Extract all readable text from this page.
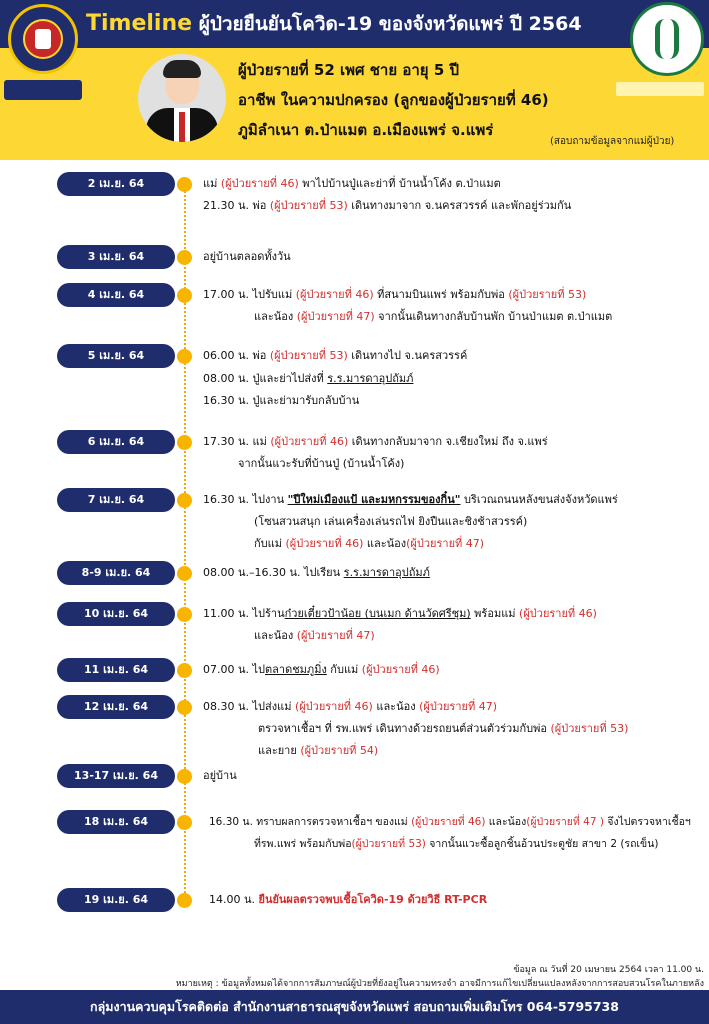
Timeline ผู้ป่วยยืนยันโควิด-19 ของจังหวัดแพร่ ปี 2564
ผู้ป่วยรายที่ 52 เพศ ชาย อายุ 5 ปี
อาชีพ ในความปกครอง (ลูกของผู้ป่วยรายที่ 46)
ภูมิลำเนา ต.ป่าแมต อ.เมืองแพร่ จ.แพร่
(สอบถามข้อมูลจากแม่ผู้ป่วย)
2 เม.ย. 64	แม่ (ผู้ป่วยรายที่ 46) พาไปบ้านปู่และย่าที่ บ้านน้ำโค้ง ต.ป่าแมต
21.30 น. พ่อ (ผู้ป่วยรายที่ 53) เดินทางมาจาก จ.นครสวรรค์ และพักอยู่ร่วมกัน
3 เม.ย. 64	อยู่บ้านตลอดทั้งวัน
4 เม.ย. 64	17.00 น. ไปรับแม่ (ผู้ป่วยรายที่ 46) ที่สนามบินแพร่ พร้อมกับพ่อ (ผู้ป่วยรายที่ 53)
และน้อง (ผู้ป่วยรายที่ 47) จากนั้นเดินทางกลับบ้านพัก บ้านป่าแมต ต.ป่าแมต
5 เม.ย. 64	06.00 น. พ่อ (ผู้ป่วยรายที่ 53) เดินทางไป จ.นครสวรรค์
08.00 น. ปู่และย่าไปส่งที่ ร.ร.มารดาอุปถัมภ์
16.30 น. ปู่และย่ามารับกลับบ้าน
6 เม.ย. 64	17.30 น. แม่ (ผู้ป่วยรายที่ 46) เดินทางกลับมาจาก จ.เชียงใหม่ ถึง จ.แพร่
จากนั้นแวะรับที่บ้านปู่ (บ้านน้ำโค้ง)
7 เม.ย. 64	16.30 น. ไปงาน "ปีใหม่เมืองแป้ และมหกรรมของกิ๋น" บริเวณถนนหลังขนส่งจังหวัดแพร่
(โซนสวนสนุก เล่นเครื่องเล่นรถไฟ ยิงปืนและชิงช้าสวรรค์)
กับแม่ (ผู้ป่วยรายที่ 46) และน้อง(ผู้ป่วยรายที่ 47)
8-9 เม.ย. 64	08.00 น.–16.30 น. ไปเรียน ร.ร.มารดาอุปถัมภ์
10 เม.ย. 64	11.00 น. ไปร้านก๋วยเตี๋ยวป้าน้อย (บนเมก ด้านวัดศรีชุม) พร้อมแม่ (ผู้ป่วยรายที่ 46)
และน้อง (ผู้ป่วยรายที่ 47)
11 เม.ย. 64	07.00 น. ไปตลาดชมภูมิ่ง กับแม่ (ผู้ป่วยรายที่ 46)
12 เม.ย. 64	08.30 น. ไปส่งแม่ (ผู้ป่วยรายที่ 46) และน้อง (ผู้ป่วยรายที่ 47)
ตรวจหาเชื้อฯ ที่ รพ.แพร่ เดินทางด้วยรถยนต์ส่วนตัวร่วมกับพ่อ (ผู้ป่วยรายที่ 53)
และยาย (ผู้ป่วยรายที่ 54)
13-17 เม.ย. 64	อยู่บ้าน
18 เม.ย. 64	16.30 น. ทราบผลการตรวจหาเชื้อฯ ของแม่ (ผู้ป่วยรายที่ 46) และน้อง(ผู้ป่วยรายที่ 47 ) จึงไปตรวจหาเชื้อฯ
ที่รพ.แพร่ พร้อมกับพ่อ(ผู้ป่วยรายที่ 53) จากนั้นแวะซื้อลูกชิ้นอ้วนประตูชัย สาขา 2 (รถเข็น)
19 เม.ย. 64	14.00 น. ยืนยันผลตรวจพบเชื้อโควิด-19 ด้วยวิธี RT-PCR
ข้อมูล ณ วันที่ 20 เมษายน 2564 เวลา 11.00 น.
หมายเหตุ : ข้อมูลทั้งหมดได้จากการสัมภาษณ์ผู้ป่วยที่ยังอยู่ในความทรงจำ อาจมีการแก้ไขเปลี่ยนแปลงหลังจากการสอบสวนโรคในภายหลัง
กลุ่มงานควบคุมโรคติดต่อ สำนักงานสาธารณสุขจังหวัดแพร่ สอบถามเพิ่มเติมโทร 064-5795738
